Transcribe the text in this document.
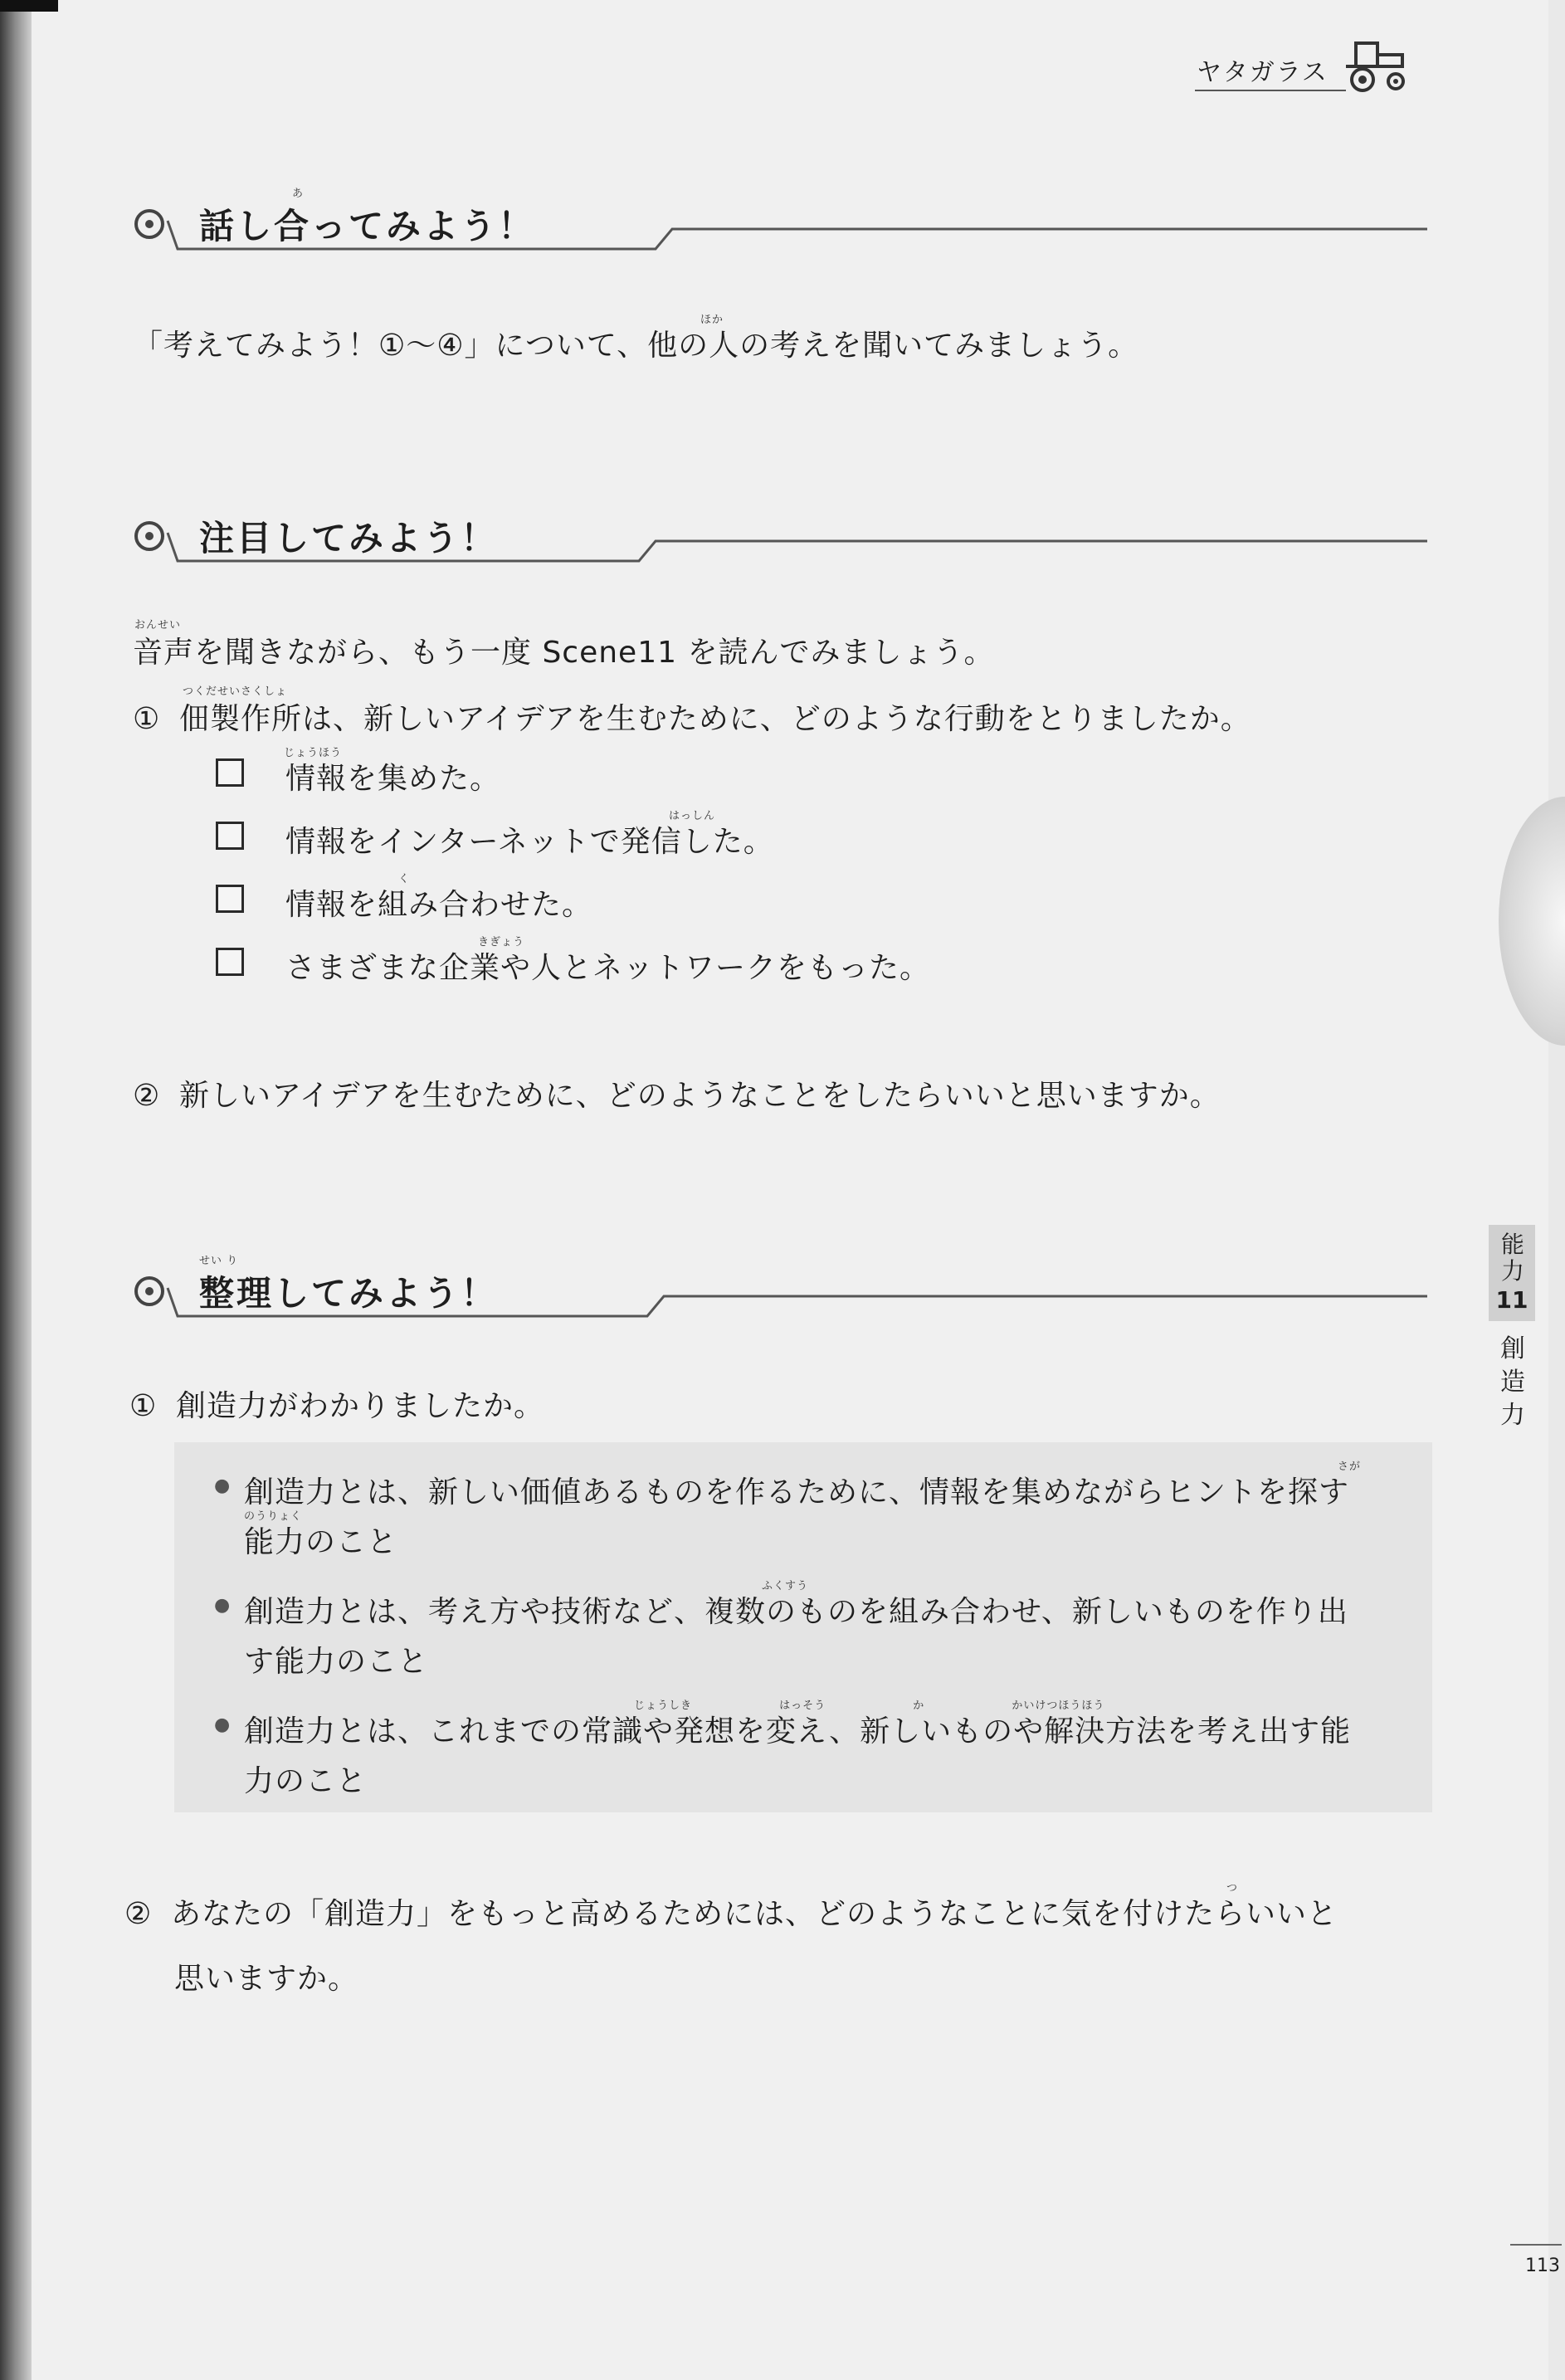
ヤタガラス
話し合ってみよう！
あ
ほか
「考えてみよう！①～④」について、他の人の考えを聞いてみましょう。
注目してみよう！
おんせい
音声を聞きながら、もう一度 Scene11 を読んでみましょう。
つくだせいさくしょ
① 佃製作所は、新しいアイデアを生むために、どのような行動をとりましたか。
じょうほう
情報を集めた。
はっしん
情報をインターネットで発信した。
く
情報を組み合わせた。
きぎょう
さまざまな企業や人とネットワークをもった。
② 新しいアイデアを生むために、どのようなことをしたらいいと思いますか。
せい り
整理してみよう！
① 創造力がわかりましたか。
●
さが
創造力とは、新しい価値あるものを作るために、情報を集めながらヒントを探す
のうりょく
能力のこと
●
ふくすう
創造力とは、考え方や技術など、複数のものを組み合わせ、新しいものを作り出
す能力のこと
●
じょうしき はっそう か かいけつほうほう
創造力とは、これまでの常識や発想を変え、新しいものや解決方法を考え出す能
力のこと
つ
② あなたの「創造力」をもっと高めるためには、どのようなことに気を付けたらいいと
思いますか。
能
力
11
創
造
力
113
